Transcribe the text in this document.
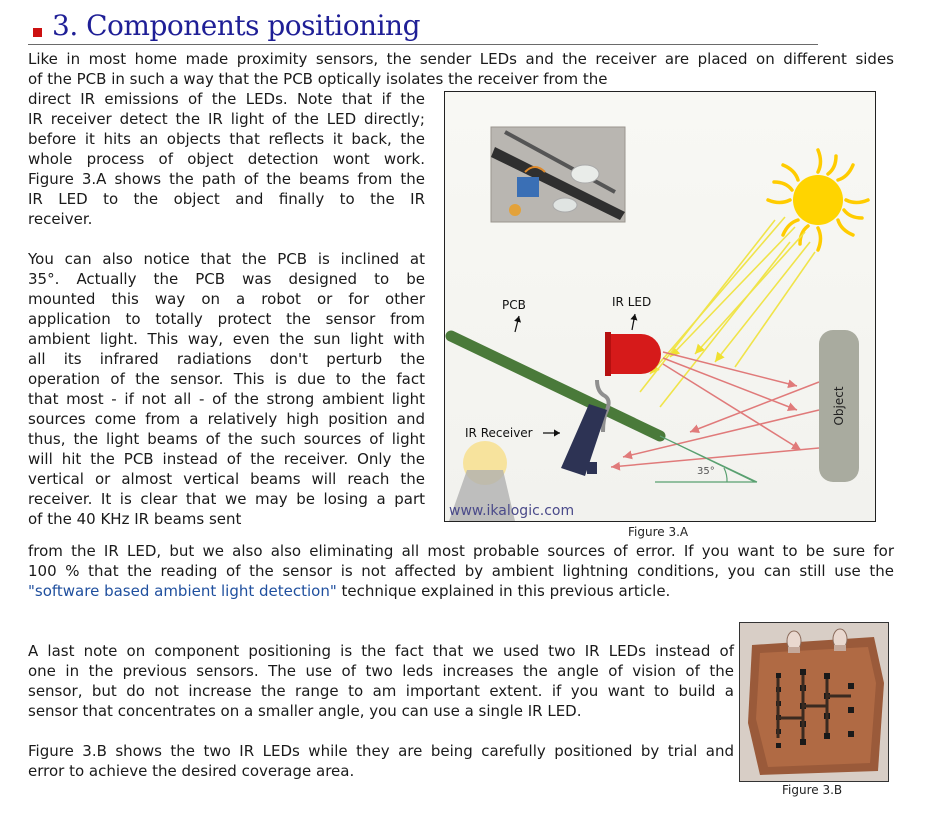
3. Components positioning
Like in most home made proximity sensors, the sender LEDs and the receiver are placed on different sides
of the PCB in such a way that the PCB optically isolates the receiver from the
direct IR emissions of the LEDs. Note that if the
IR receiver detect the IR light of the LED directly;
before it hits an objects that reflects it back, the
whole process of object detection wont work.
Figure 3.A shows the path of the beams from the
IR LED to the object and finally to the IR
receiver.
You can also notice that the PCB is inclined at
35°. Actually the PCB was designed to be
mounted this way on a robot or for other
application to totally protect the sensor from
ambient light. This way, even the sun light with
all its infrared radiations don't perturb the
operation of the sensor. This is due to the fact
that most - if not all - of the strong ambient light
sources come from a relatively high position and
thus, the light beams of the such sources of light
will hit the PCB instead of the receiver. Only the
vertical or almost vertical beams will reach the
receiver. It is clear that we may be losing a part
of the 40 KHz IR beams sent
Object
35°
PCB	IR LED
IR Receiver
www.ikalogic.com
Figure 3.A
from the IR LED, but we also also eliminating all most probable sources of error. If you want to be sure for
100 % that the reading of the sensor is not affected by ambient lightning conditions, you can still use the
"software based ambient light detection" technique explained in this previous article.
A last note on component positioning is the fact that we used two IR LEDs instead of
one in the previous sensors. The use of two leds increases the angle of vision of the
sensor, but do not increase the range to am important extent. if you want to build a
sensor that concentrates on a smaller angle, you can use a single IR LED.
Figure 3.B shows the two IR LEDs while they are being carefully positioned by trial and
error to achieve the desired coverage area.
Figure 3.B
